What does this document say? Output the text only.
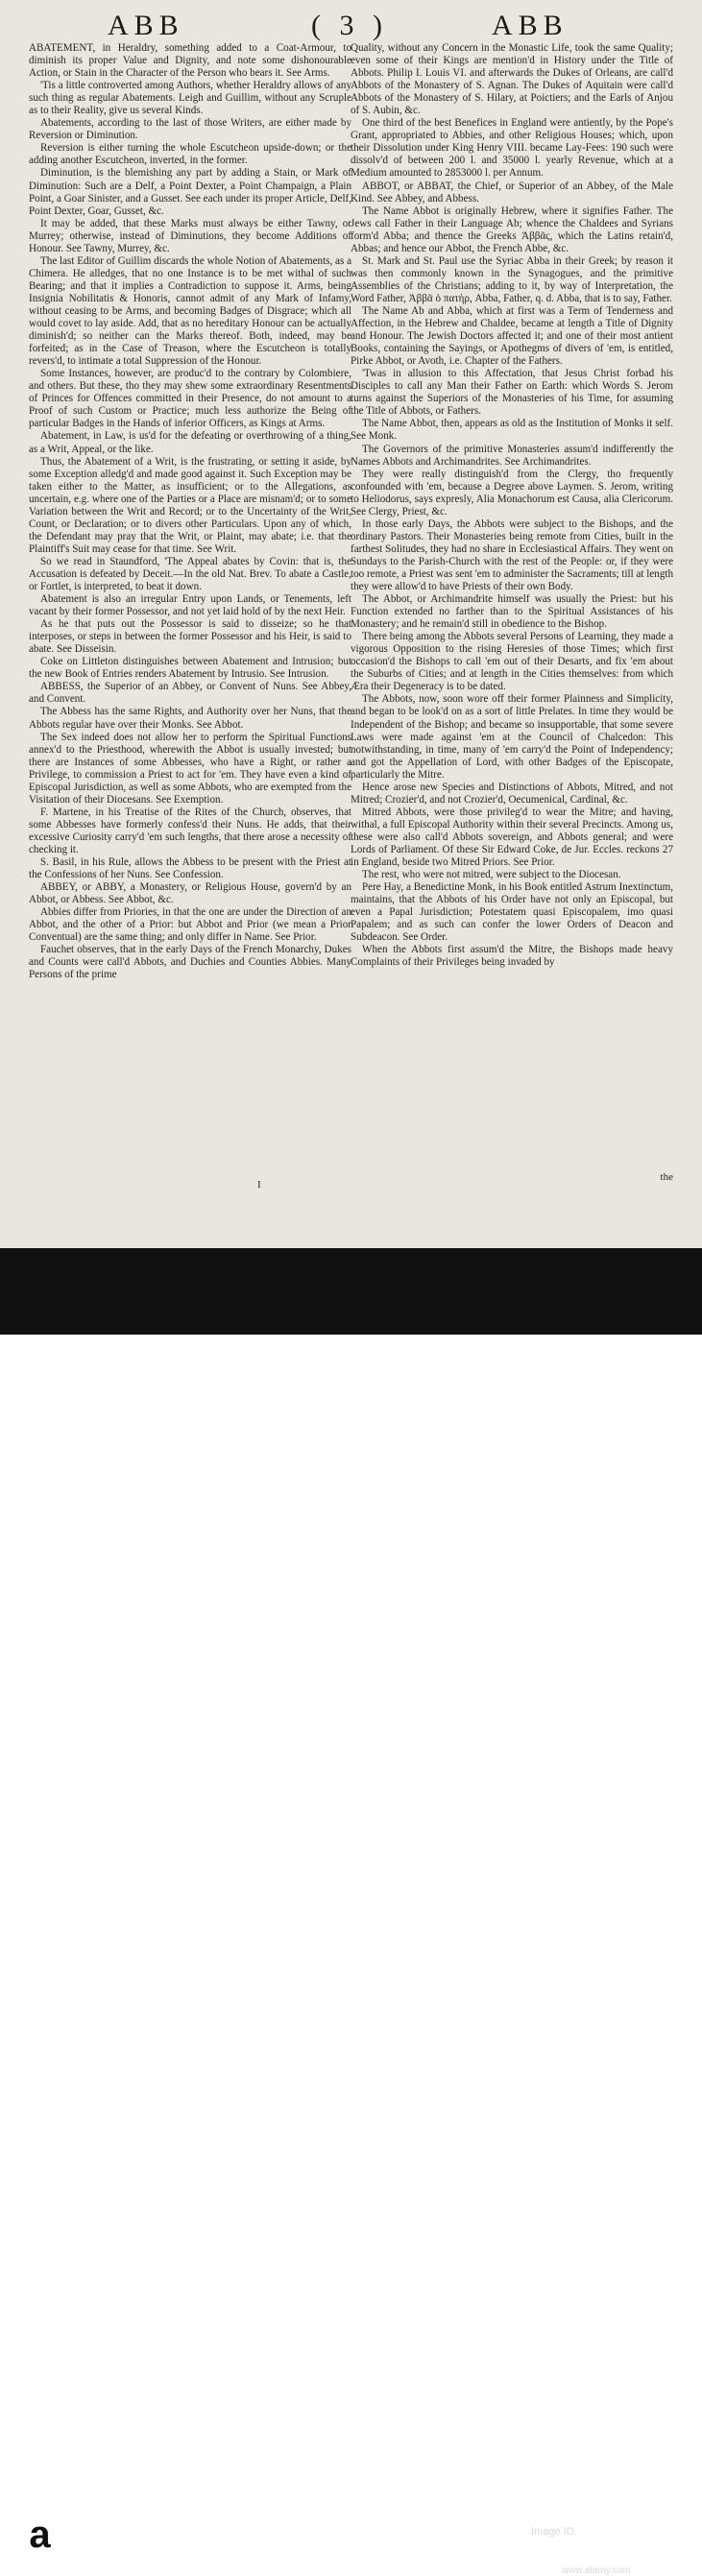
ABB	( 3 )	ABB

ABATEMENT, in Heraldry, something added to a Coat-Armour, to diminish its proper Value and Dignity, and note some dishonourable Action, or Stain in the Character of the Person who bears it. See Arms.

'Tis a little controverted among Authors, whether Heraldry allows of any such thing as regular Abatements. Leigh and Guillim, without any Scruple as to their Reality, give us several Kinds.

Abatements, according to the last of those Writers, are either made by Reversion or Diminution.

Reversion is either turning the whole Escutcheon upside-down; or the adding another Escutcheon, inverted, in the former.

Diminution, is the blemishing any part by adding a Stain, or Mark of Diminution: Such are a Delf, a Point Dexter, a Point Champaign, a Plain Point, a Goar Sinister, and a Gusset. See each under its proper Article, Delf, Point Dexter, Goar, Gusset, &c.

It may be added, that these Marks must always be either Tawny, or Murrey; otherwise, instead of Diminutions, they become Additions of Honour. See Tawny, Murrey, &c.

The last Editor of Guillim discards the whole Notion of Abatements, as a Chimera. He alledges, that no one Instance is to be met withal of such Bearing; and that it implies a Contradiction to suppose it. Arms, being Insignia Nobilitatis & Honoris, cannot admit of any Mark of Infamy, without ceasing to be Arms, and becoming Badges of Disgrace; which all would covet to lay aside. Add, that as no hereditary Honour can be actually diminish'd; so neither can the Marks thereof. Both, indeed, may be forfeited; as in the Case of Treason, where the Escutcheon is totally revers'd, to intimate a total Suppression of the Honour.

Some Instances, however, are produc'd to the contrary by Colombiere, and others. But these, tho they may shew some extraordinary Resentments of Princes for Offences committed in their Presence, do not amount to a Proof of such Custom or Practice; much less authorize the Being of particular Badges in the Hands of inferior Officers, as Kings at Arms.

Abatement, in Law, is us'd for the defeating or overthrowing of a thing, as a Writ, Appeal, or the like.

Thus, the Abatement of a Writ, is the frustrating, or setting it aside, by some Exception alledg'd and made good against it. Such Exception may be taken either to the Matter, as insufficient; or to the Allegations, as uncertain, e.g. where one of the Parties or a Place are misnam'd; or to some Variation between the Writ and Record; or to the Uncertainty of the Writ, Count, or Declaration; or to divers other Particulars. Upon any of which, the Defendant may pray that the Writ, or Plaint, may abate; i.e. that the Plaintiff's Suit may cease for that time. See Writ.

So we read in Staundford, 'The Appeal abates by Covin: that is, the Accusation is defeated by Deceit.—In the old Nat. Brev. To abate a Castle, or Fortlet, is interpreted, to beat it down.

Abatement is also an irregular Entry upon Lands, or Tenements, left vacant by their former Possessor, and not yet laid hold of by the next Heir.

As he that puts out the Possessor is said to disseize; so he that interposes, or steps in between the former Possessor and his Heir, is said to abate. See Disseisin.

Coke on Littleton distinguishes between Abatement and Intrusion; but the new Book of Entries renders Abatement by Intrusio. See Intrusion.

ABBESS, the Superior of an Abbey, or Convent of Nuns. See Abbey, and Convent.

The Abbess has the same Rights, and Authority over her Nuns, that the Abbots regular have over their Monks. See Abbot.

The Sex indeed does not allow her to perform the Spiritual Functions annex'd to the Priesthood, wherewith the Abbot is usually invested; but there are Instances of some Abbesses, who have a Right, or rather a Privilege, to commission a Priest to act for 'em. They have even a kind of Episcopal Jurisdiction, as well as some Abbots, who are exempted from the Visitation of their Diocesans. See Exemption.

F. Martene, in his Treatise of the Rites of the Church, observes, that some Abbesses have formerly confess'd their Nuns. He adds, that their excessive Curiosity carry'd 'em such lengths, that there arose a necessity of checking it.

S. Basil, in his Rule, allows the Abbess to be present with the Priest at the Confessions of her Nuns. See Confession.

ABBEY, or ABBY, a Monastery, or Religious House, govern'd by an Abbot, or Abbess. See Abbot, &c.

Abbies differ from Priories, in that the one are under the Direction of an Abbot, and the other of a Prior: but Abbot and Prior (we mean a Prior Conventual) are the same thing; and only differ in Name. See Prior.

Fauchet observes, that in the early Days of the French Monarchy, Dukes and Counts were call'd Abbots, and Duchies and Counties Abbies. Many Persons of the prime

Quality, without any Concern in the Monastic Life, took the same Quality; even some of their Kings are mention'd in History under the Title of Abbots. Philip I. Louis VI. and afterwards the Dukes of Orleans, are call'd Abbots of the Monastery of S. Agnan. The Dukes of Aquitain were call'd Abbots of the Monastery of S. Hilary, at Poictiers; and the Earls of Anjou of S. Aubin, &c.

One third of the best Benefices in England were antiently, by the Pope's Grant, appropriated to Abbies, and other Religious Houses; which, upon their Dissolution under King Henry VIII. became Lay-Fees: 190 such were dissolv'd of between 200 l. and 35000 l. yearly Revenue, which at a Medium amounted to 2853000 l. per Annum.

ABBOT, or ABBAT, the Chief, or Superior of an Abbey, of the Male Kind. See Abbey, and Abbess.

The Name Abbot is originally Hebrew, where it signifies Father. The Jews call Father in their Language Ab; whence the Chaldees and Syrians form'd Abba; and thence the Greeks Ἀββᾶς, which the Latins retain'd, Abbas; and hence our Abbot, the French Abbe, &c.

St. Mark and St. Paul use the Syriac Abba in their Greek; by reason it was then commonly known in the Synagogues, and the primitive Assemblies of the Christians; adding to it, by way of Interpretation, the Word Father, Ἀββᾶ ὁ πατὴρ, Abba, Father, q. d. Abba, that is to say, Father.

The Name Ab and Abba, which at first was a Term of Tenderness and Affection, in the Hebrew and Chaldee, became at length a Title of Dignity and Honour. The Jewish Doctors affected it; and one of their most antient Books, containing the Sayings, or Apothegms of divers of 'em, is entitled, Pirke Abbot, or Avoth, i.e. Chapter of the Fathers.

'Twas in allusion to this Affectation, that Jesus Christ forbad his Disciples to call any Man their Father on Earth: which Words S. Jerom turns against the Superiors of the Monasteries of his Time, for assuming the Title of Abbots, or Fathers.

The Name Abbot, then, appears as old as the Institution of Monks it self. See Monk.

The Governors of the primitive Monasteries assum'd indifferently the Names Abbots and Archimandrites. See Archimandrites.

They were really distinguish'd from the Clergy, tho frequently confounded with 'em, because a Degree above Laymen. S. Jerom, writing to Heliodorus, says expresly, Alia Monachorum est Causa, alia Clericorum. See Clergy, Priest, &c.

In those early Days, the Abbots were subject to the Bishops, and the ordinary Pastors. Their Monasteries being remote from Cities, built in the farthest Solitudes, they had no share in Ecclesiastical Affairs. They went on Sundays to the Parish-Church with the rest of the People: or, if they were too remote, a Priest was sent 'em to administer the Sacraments; till at length they were allow'd to have Priests of their own Body.

The Abbot, or Archimandrite himself was usually the Priest: but his Function extended no farther than to the Spiritual Assistances of his Monastery; and he remain'd still in obedience to the Bishop.

There being among the Abbots several Persons of Learning, they made a vigorous Opposition to the rising Heresies of those Times; which first occasion'd the Bishops to call 'em out of their Desarts, and fix 'em about the Suburbs of Cities; and at length in the Cities themselves: from which Æra their Degeneracy is to be dated.

The Abbots, now, soon wore off their former Plainness and Simplicity, and began to be look'd on as a sort of little Prelates. In time they would be Independent of the Bishop; and became so insupportable, that some severe Laws were made against 'em at the Council of Chalcedon: This notwithstanding, in time, many of 'em carry'd the Point of Independency; and got the Appellation of Lord, with other Badges of the Episcopate, particularly the Mitre.

Hence arose new Species and Distinctions of Abbots, Mitred, and not Mitred; Crozier'd, and not Crozier'd, Oecumenical, Cardinal, &c.

Mitred Abbots, were those privileg'd to wear the Mitre; and having, withal, a full Episcopal Authority within their several Precincts. Among us, these were also call'd Abbots sovereign, and Abbots general; and were Lords of Parliament. Of these Sir Edward Coke, de Jur. Eccles. reckons 27 in England, beside two Mitred Priors. See Prior.

The rest, who were not mitred, were subject to the Diocesan.

Pere Hay, a Benedictine Monk, in his Book entitled Astrum Inextinctum, maintains, that the Abbots of his Order have not only an Episcopal, but even a Papal Jurisdiction; Potestatem quasi Episcopalem, imo quasi Papalem; and as such can confer the lower Orders of Deacon and Subdeacon. See Order.

When the Abbots first assum'd the Mitre, the Bishops made heavy Complaints of their Privileges being invaded by

the
I
a alamy	Image ID:
JFYFT8
www.alamy.com
